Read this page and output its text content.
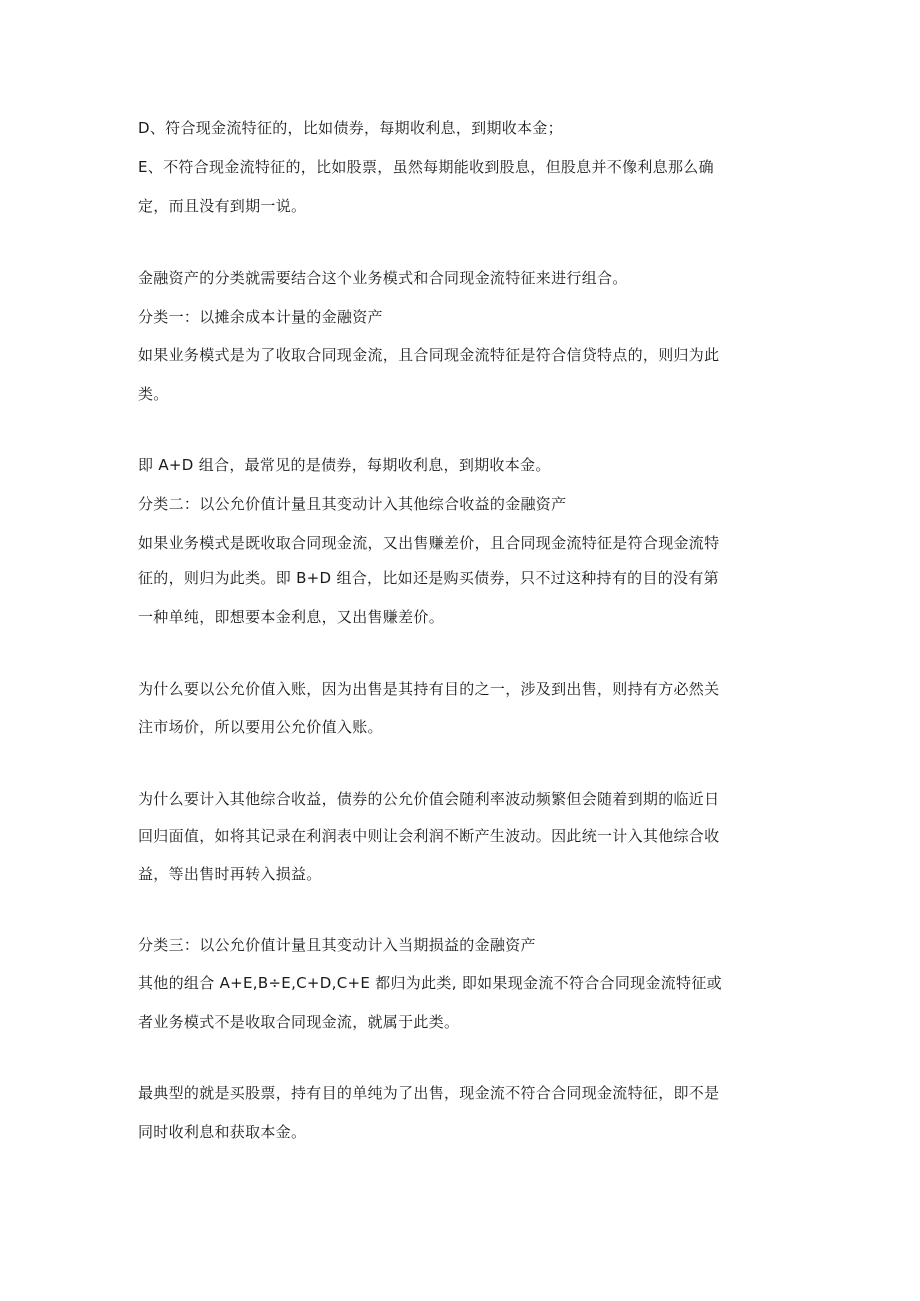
D、符合现金流特征的，比如债券，每期收利息，到期收本金；
E、不符合现金流特征的，比如股票，虽然每期能收到股息，但股息并不像利息那么确
定，而且没有到期一说。
金融资产的分类就需要结合这个业务模式和合同现金流特征来进行组合。
分类一：以摊余成本计量的金融资产
如果业务模式是为了收取合同现金流，且合同现金流特征是符合信贷特点的，则归为此
类。
即 A+D 组合，最常见的是债券，每期收利息，到期收本金。
分类二：以公允价值计量且其变动计入其他综合收益的金融资产
如果业务模式是既收取合同现金流，又出售赚差价，且合同现金流特征是符合现金流特
征的，则归为此类。即 B+D 组合，比如还是购买债券，只不过这种持有的目的没有第
一种单纯，即想要本金利息，又出售赚差价。
为什么要以公允价值入账，因为出售是其持有目的之一，涉及到出售，则持有方必然关
注市场价，所以要用公允价值入账。
为什么要计入其他综合收益，债券的公允价值会随利率波动频繁但会随着到期的临近日
回归面值，如将其记录在利润表中则让会利润不断产生波动。因此统一计入其他综合收
益，等出售时再转入损益。
分类三：以公允价值计量且其变动计入当期损益的金融资产
其他的组合 A+E,B÷E,C+D,C+E 都归为此类, 即如果现金流不符合合同现金流特征或
者业务模式不是收取合同现金流，就属于此类。
最典型的就是买股票，持有目的单纯为了出售，现金流不符合合同现金流特征，即不是
同时收利息和获取本金。
